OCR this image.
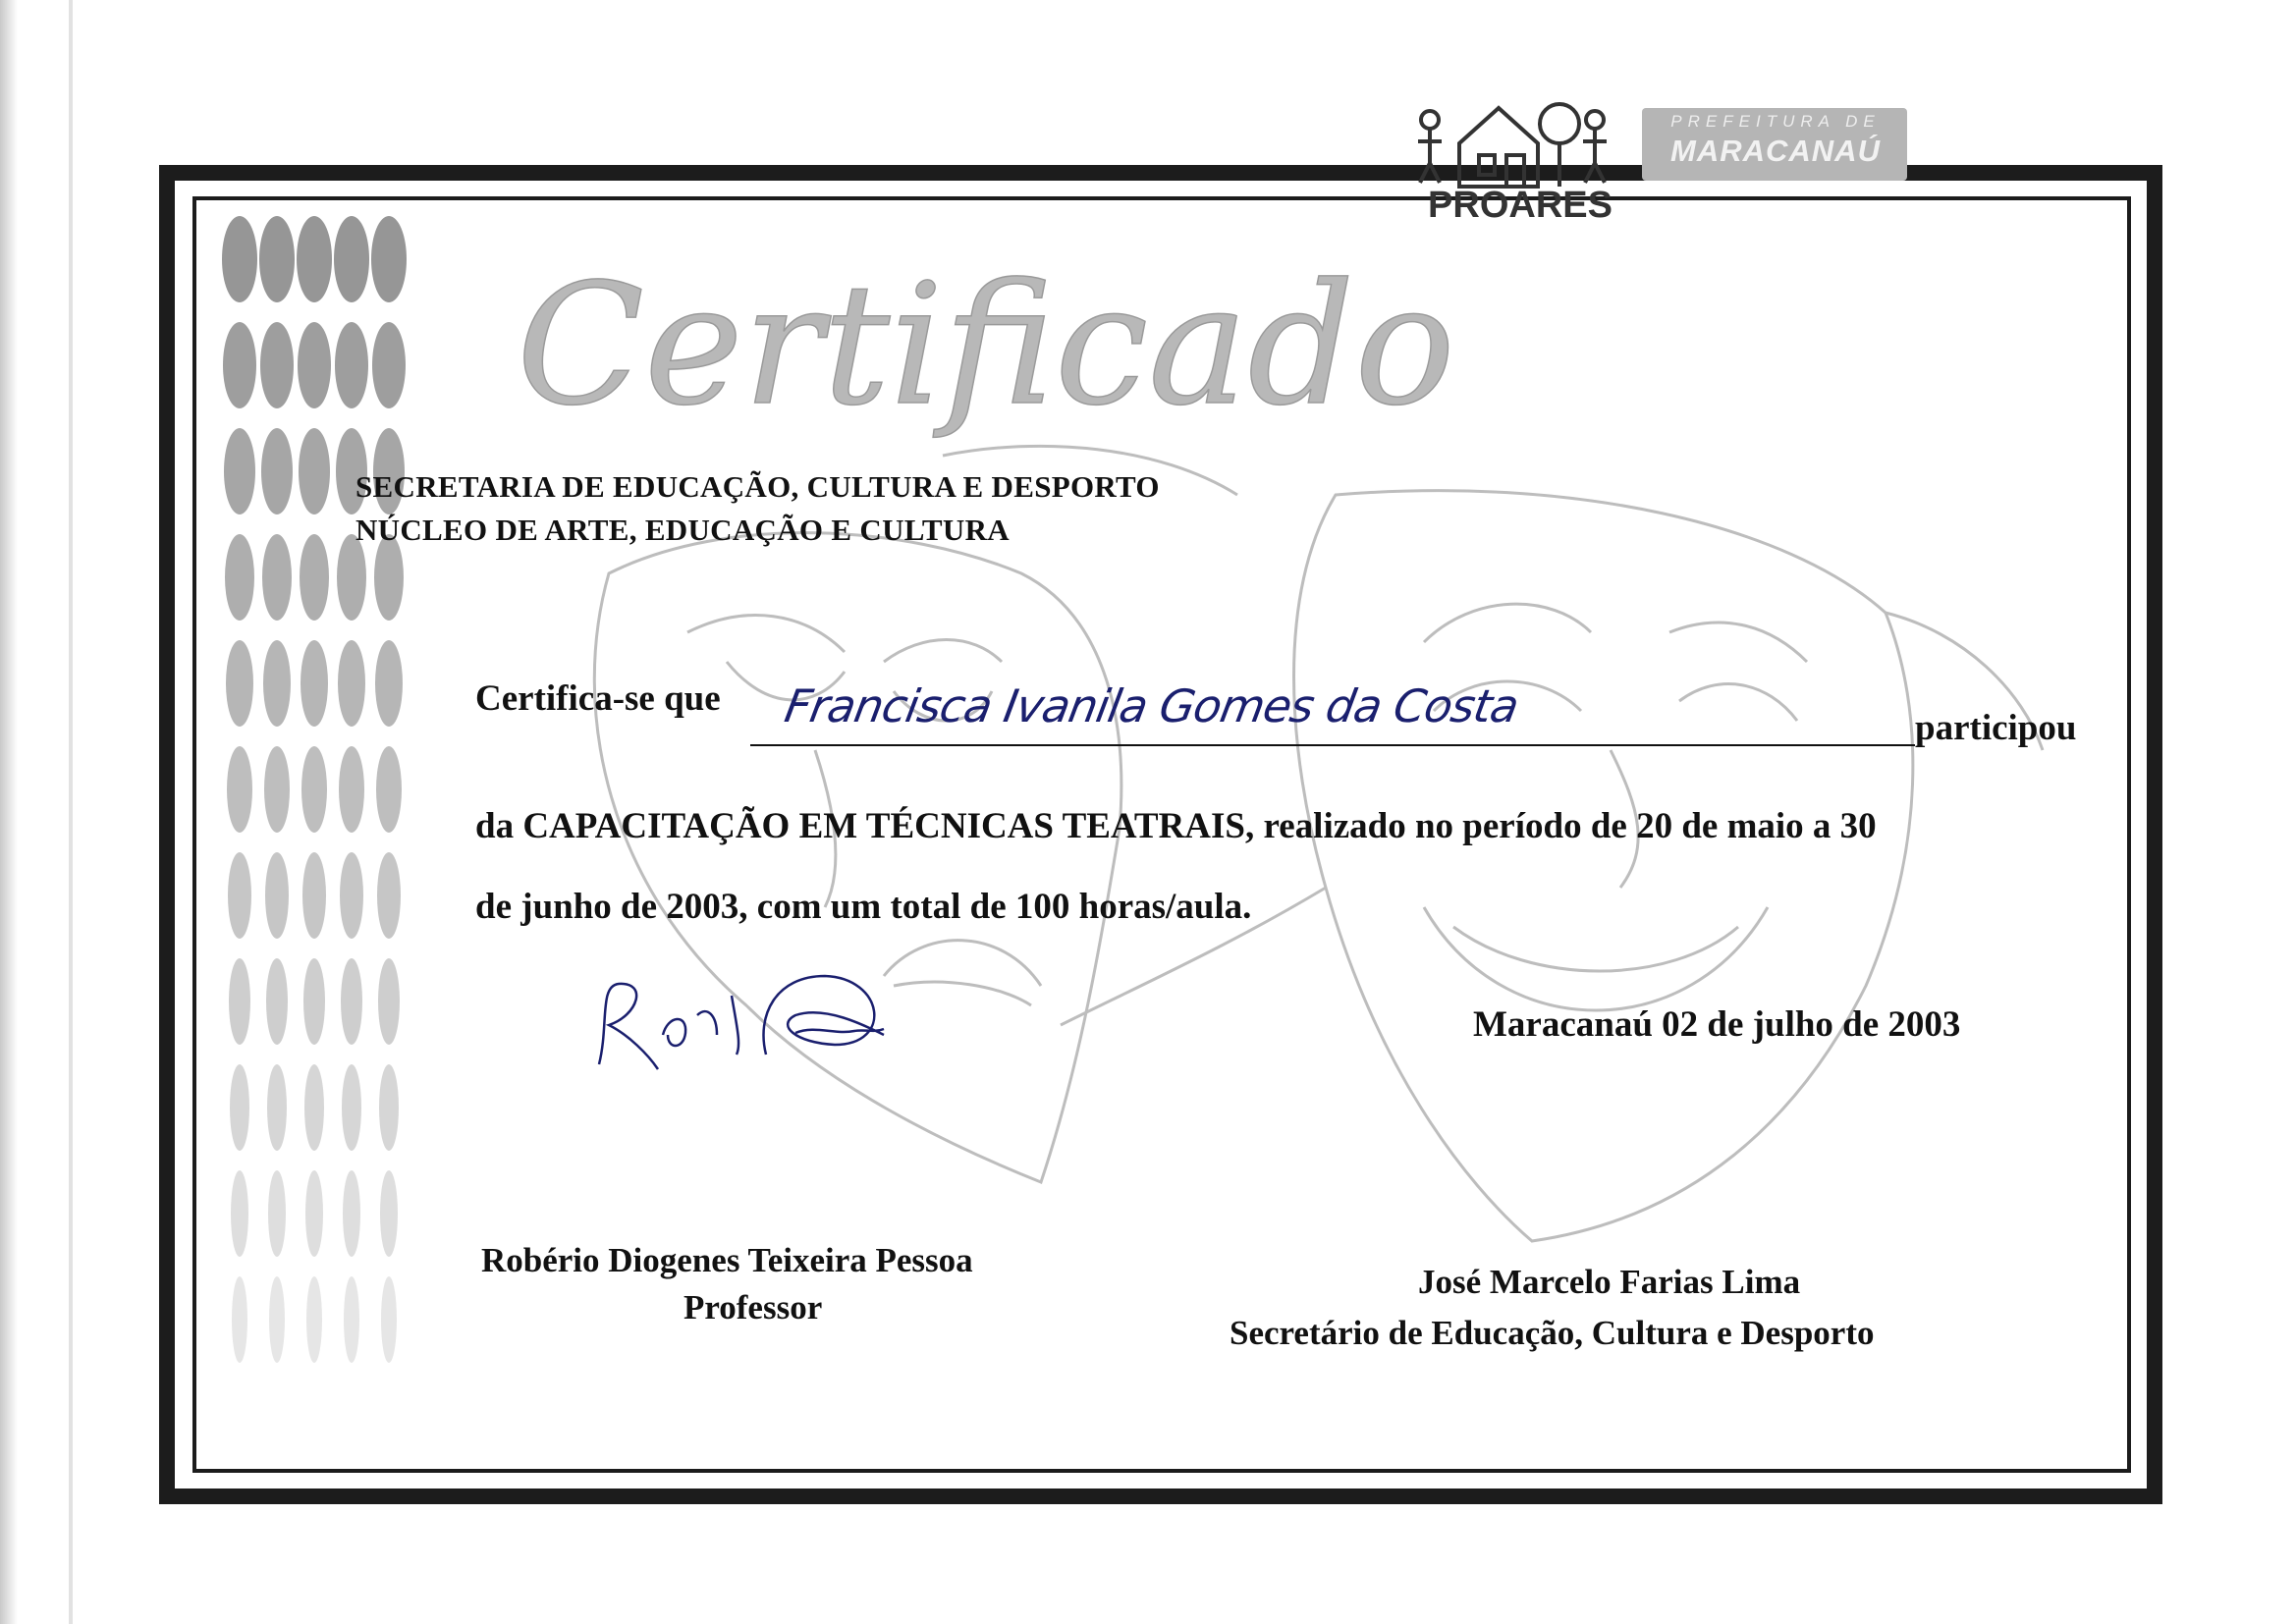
Certificado
PROARES
PREFEITURA DE
MARACANAÚ
SECRETARIA DE EDUCAÇÃO, CULTURA E DESPORTO
NÚCLEO DE ARTE, EDUCAÇÃO E CULTURA
Certifica-se que Francisca Ivanila Gomes da Costa	participou
da CAPACITAÇÃO EM TÉCNICAS TEATRAIS, realizado no período de 20 de maio a 30
de junho de 2003, com um total de 100 horas/aula.
Maracanaú 02 de julho de 2003
Robério Diogenes Teixeira Pessoa
Professor
José Marcelo Farias Lima
Secretário de Educação, Cultura e Desporto
